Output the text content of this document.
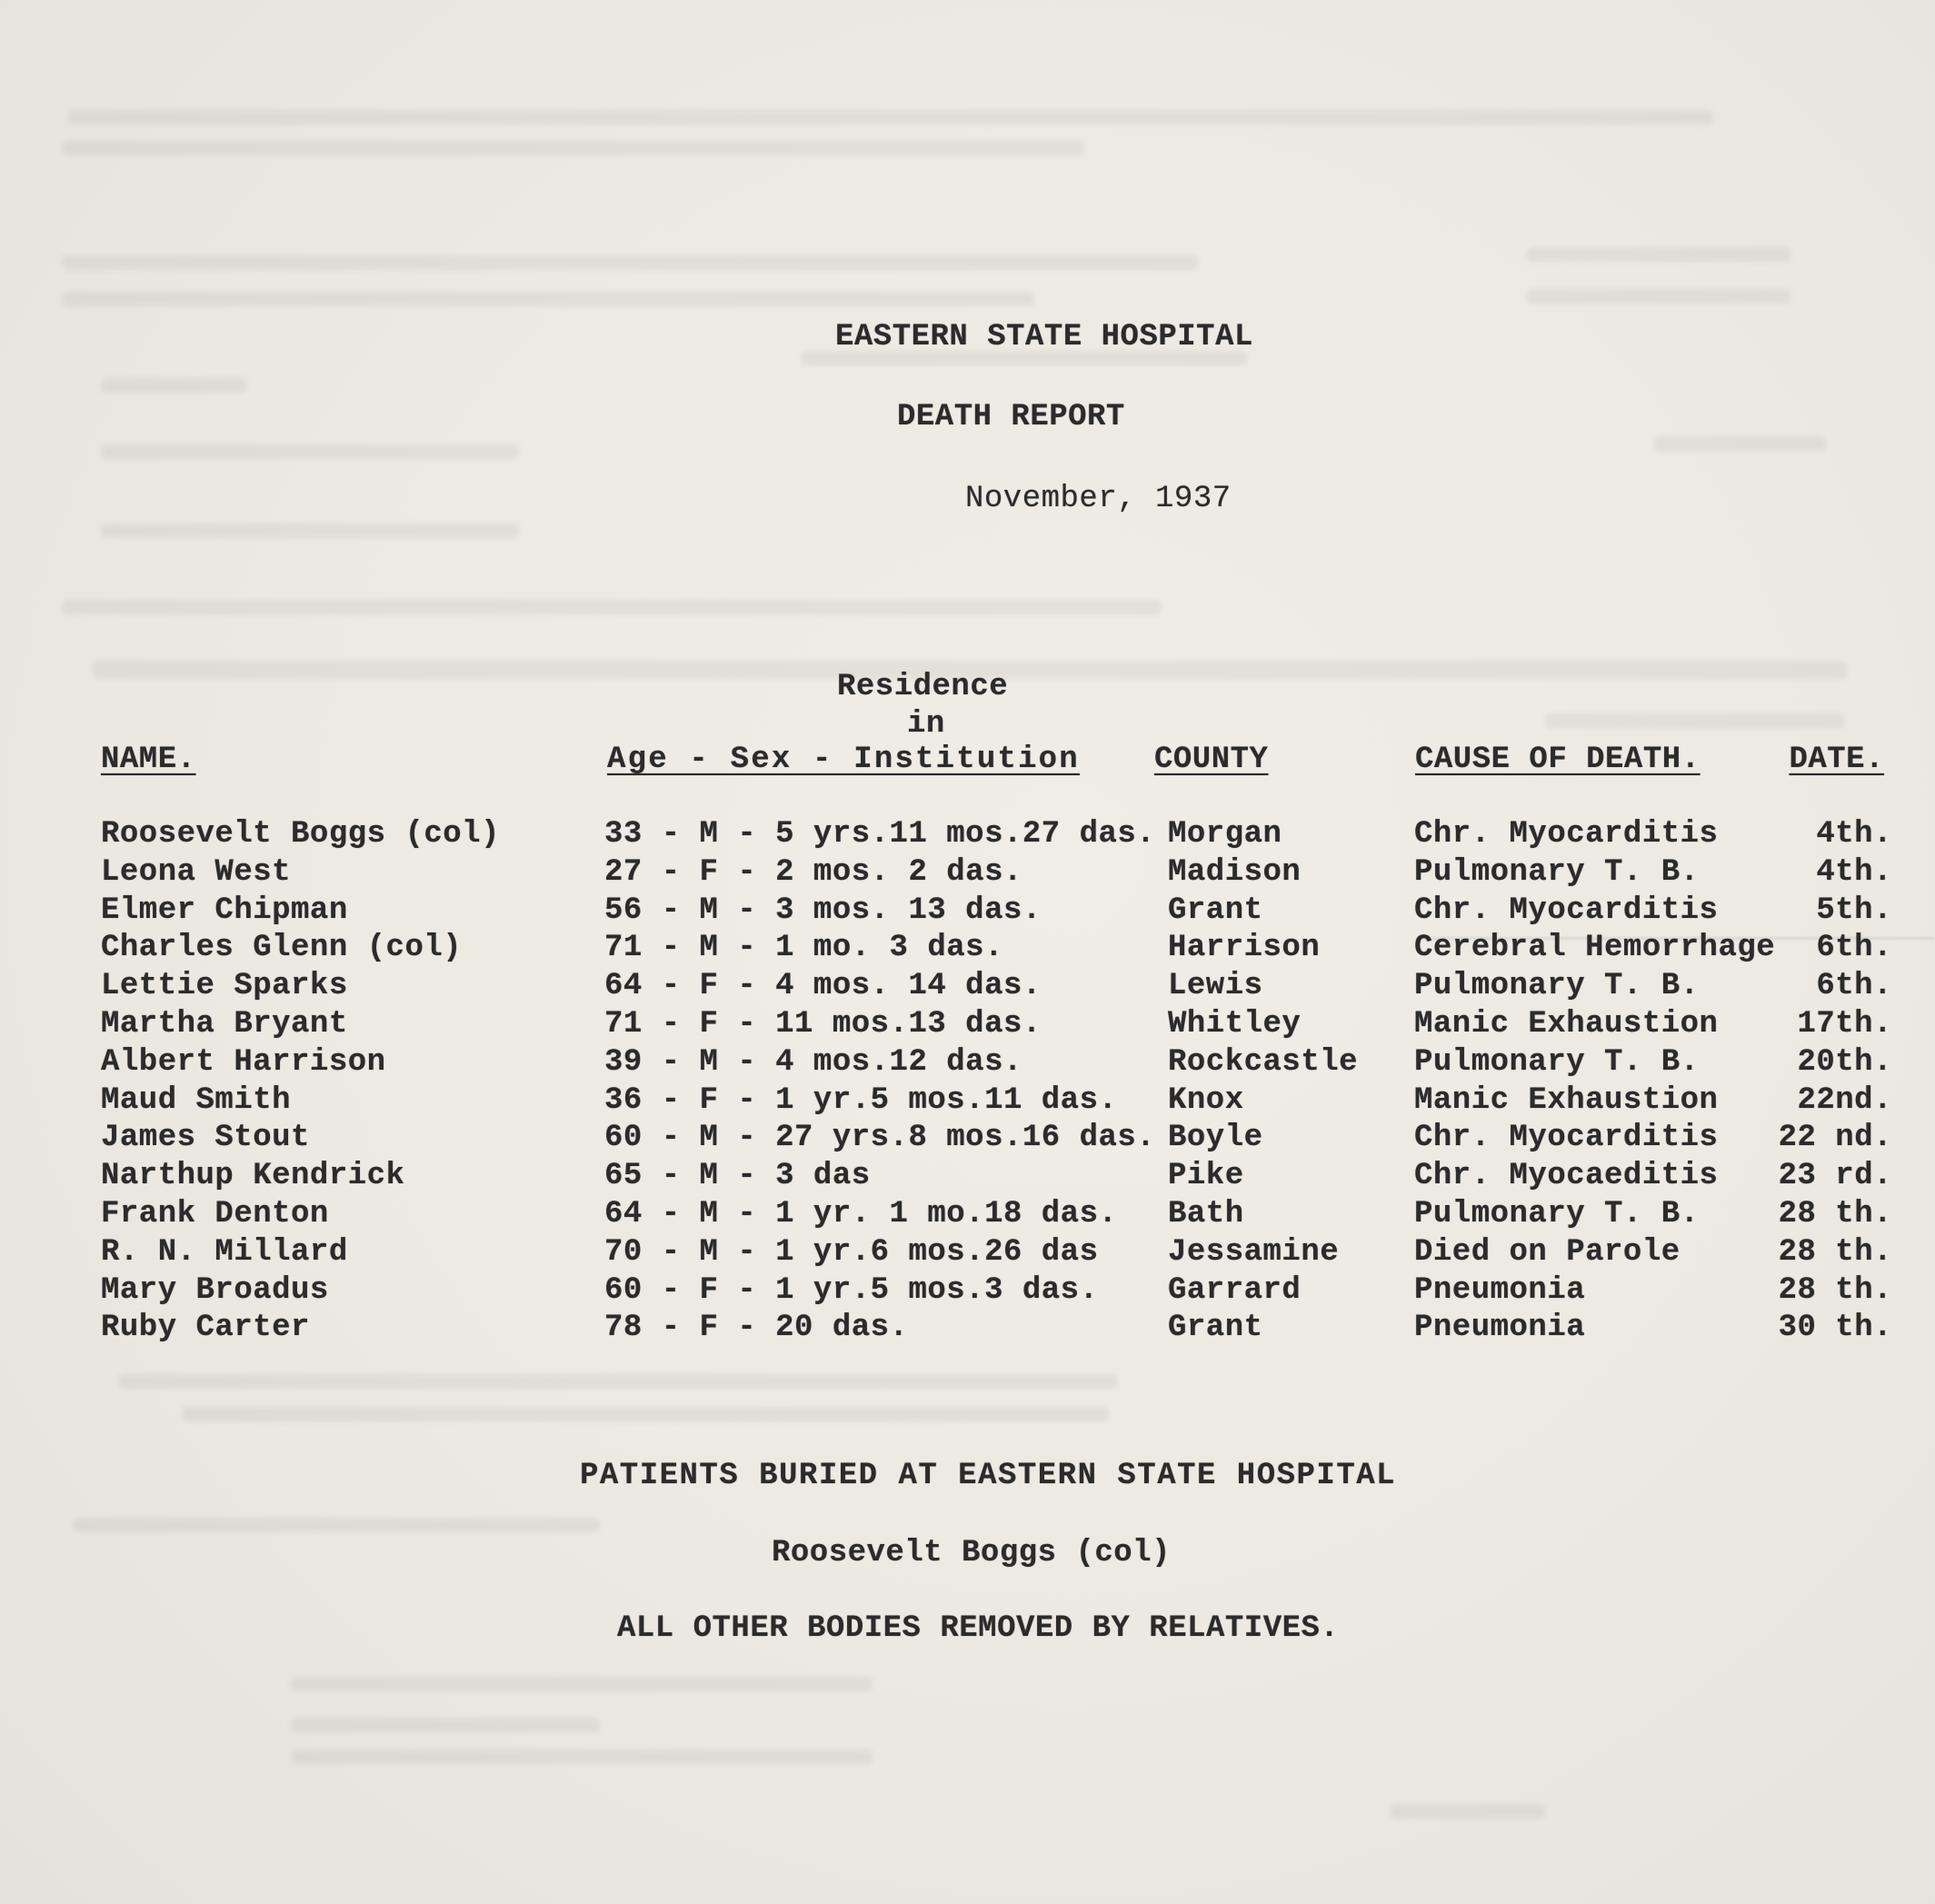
EASTERN STATE HOSPITAL
DEATH REPORT
November, 1937
Residence
in
NAME.	Age - Sex - Institution COUNTY	CAUSE OF DEATH.	DATE.
Roosevelt Boggs (col)	33 - M - 5 yrs.11 mos.27 das. Morgan	Chr. Myocarditis	4th.
Leona West	27 - F - 2 mos. 2 das.	Madison	Pulmonary T. B.	4th.
Elmer Chipman	56 - M - 3 mos. 13 das.	Grant	Chr. Myocarditis	5th.
Charles Glenn (col)	71 - M - 1 mo. 3 das.	Harrison	Cerebral Hemorrhage 6th.
Lettie Sparks	64 - F - 4 mos. 14 das.	Lewis	Pulmonary T. B.	6th.
Martha Bryant	71 - F - 11 mos.13 das.	Whitley	Manic Exhaustion	17th.
Albert Harrison	39 - M - 4 mos.12 das.	Rockcastle Pulmonary T. B.	20th.
Maud Smith	36 - F - 1 yr.5 mos.11 das. Knox	Manic Exhaustion	22nd.
James Stout	60 - M - 27 yrs.8 mos.16 das. Boyle	Chr. Myocarditis 22 nd.
Narthup Kendrick	65 - M - 3 das	Pike	Chr. Myocaeditis 23 rd.
Frank Denton	64 - M - 1 yr. 1 mo.18 das. Bath	Pulmonary T. B.	28 th.
R. N. Millard	70 - M - 1 yr.6 mos.26 das Jessamine Died on Parole	28 th.
Mary Broadus	60 - F - 1 yr.5 mos.3 das. Garrard	Pneumonia	28 th.
Ruby Carter	78 - F - 20 das.	Grant	Pneumonia	30 th.
PATIENTS BURIED AT EASTERN STATE HOSPITAL
Roosevelt Boggs (col)
ALL OTHER BODIES REMOVED BY RELATIVES.
